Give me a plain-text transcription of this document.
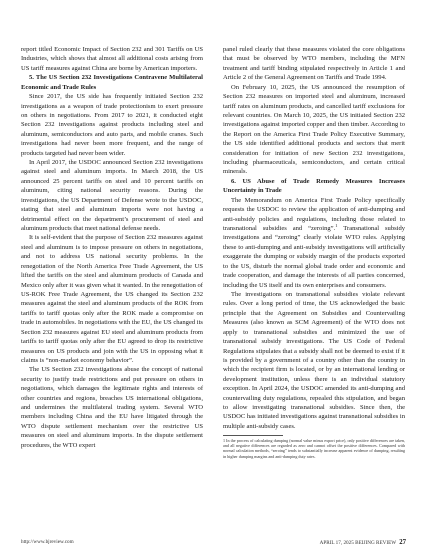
report titled Economic Impact of Section 232 and 301 Tariffs on US Industries, which shows that almost all additional costs arising from US tariff measures against China are borne by American importers.

5. The US Section 232 Investigations Contravene Multilateral Economic and Trade Rules

Since 2017, the US side has frequently initiated Section 232 investigations as a weapon of trade protectionism to exert pressure on others in negotiations. From 2017 to 2021, it conducted eight Section 232 investigations against products including steel and aluminum, semiconductors and auto parts, and mobile cranes. Such investigations had never been more frequent, and the range of products targeted had never been wider.

In April 2017, the USDOC announced Section 232 investigations against steel and aluminum imports. In March 2018, the US announced 25 percent tariffs on steel and 10 percent tariffs on aluminum, citing national security reasons. During the investigations, the US Department of Defense wrote to the USDOC, stating that steel and aluminum imports were not having a detrimental effect on the department’s procurement of steel and aluminum products that meet national defense needs.

It is self-evident that the purpose of Section 232 measures against steel and aluminum is to impose pressure on others in negotiations, and not to address US national security problems. In the renegotiation of the North America Free Trade Agreement, the US lifted the tariffs on the steel and aluminum products of Canada and Mexico only after it was given what it wanted. In the renegotiation of US-ROK Free Trade Agreement, the US changed its Section 232 measures against the steel and aluminum products of the ROK from tariffs to tariff quotas only after the ROK made a compromise on trade in automobiles. In negotiations with the EU, the US changed its Section 232 measures against EU steel and aluminum products from tariffs to tariff quotas only after the EU agreed to drop its restrictive measures on US products and join with the US in opposing what it claims is “non-market economy behavior”.

The US Section 232 investigations abuse the concept of national security to justify trade restrictions and put pressure on others in negotiations, which damages the legitimate rights and interests of other countries and regions, breaches US international obligations, and undermines the multilateral trading system. Several WTO members including China and the EU have litigated through the WTO dispute settlement mechanism over the restrictive US measures on steel and aluminum imports. In the dispute settlement procedures, the WTO expert

panel ruled clearly that these measures violated the core obligations that must be observed by WTO members, including the MFN treatment and tariff binding stipulated respectively in Article 1 and Article 2 of the General Agreement on Tariffs and Trade 1994.

On February 10, 2025, the US announced the resumption of Section 232 measures on imported steel and aluminum, increased tariff rates on aluminum products, and cancelled tariff exclusions for relevant countries. On March 10, 2025, the US initiated Section 232 investigations against imported copper and then timber. According to the Report on the America First Trade Policy Executive Summary, the US side identified additional products and sectors that merit consideration for initiation of new Section 232 investigations, including pharmaceuticals, semiconductors, and certain critical minerals.

6. US Abuse of Trade Remedy Measures Increases Uncertainty in Trade

The Memorandum on America First Trade Policy specifically requests the USDOC to review the application of anti-dumping and anti-subsidy policies and regulations, including those related to transnational subsidies and “zeroing”.$^1$ Transnational subsidy investigations and “zeroing” clearly violate WTO rules. Applying these to anti-dumping and anti-subsidy investigations will artificially exaggerate the dumping or subsidy margin of the products exported to the US, disturb the normal global trade order and economic and trade cooperation, and damage the interests of all parties concerned, including the US itself and its own enterprises and consumers.

The investigations on transnational subsidies violate relevant rules. Over a long period of time, the US acknowledged the basic principle that the Agreement on Subsidies and Countervailing Measures (also known as SCM Agreement) of the WTO does not apply to transnational subsidies and minimized the use of transnational subsidy investigations. The US Code of Federal Regulations stipulates that a subsidy shall not be deemed to exist if it is provided by a government of a country other than the country in which the recipient firm is located, or by an international lending or development institution, unless there is an individual statutory exception. In April 2024, the USDOC amended its anti-dumping and countervailing duty regulations, repealed this stipulation, and began to allow investigating transnational subsidies. Since then, the USDOC has initiated investigations against transnational subsidies in multiple anti-subsidy cases.

1 In the process of calculating dumping (normal value minus export price), only positive differences are taken, and all negative differences are regarded as zero and cannot offset the positive differences. Compared with normal calculation methods, “zeroing” tends to substantially increase apparent evidence of dumping, resulting in higher dumping margins and anti-dumping duty rates.
http://www.bjreview.com	APRIL 17, 2025 BEIJING REVIEW 27
